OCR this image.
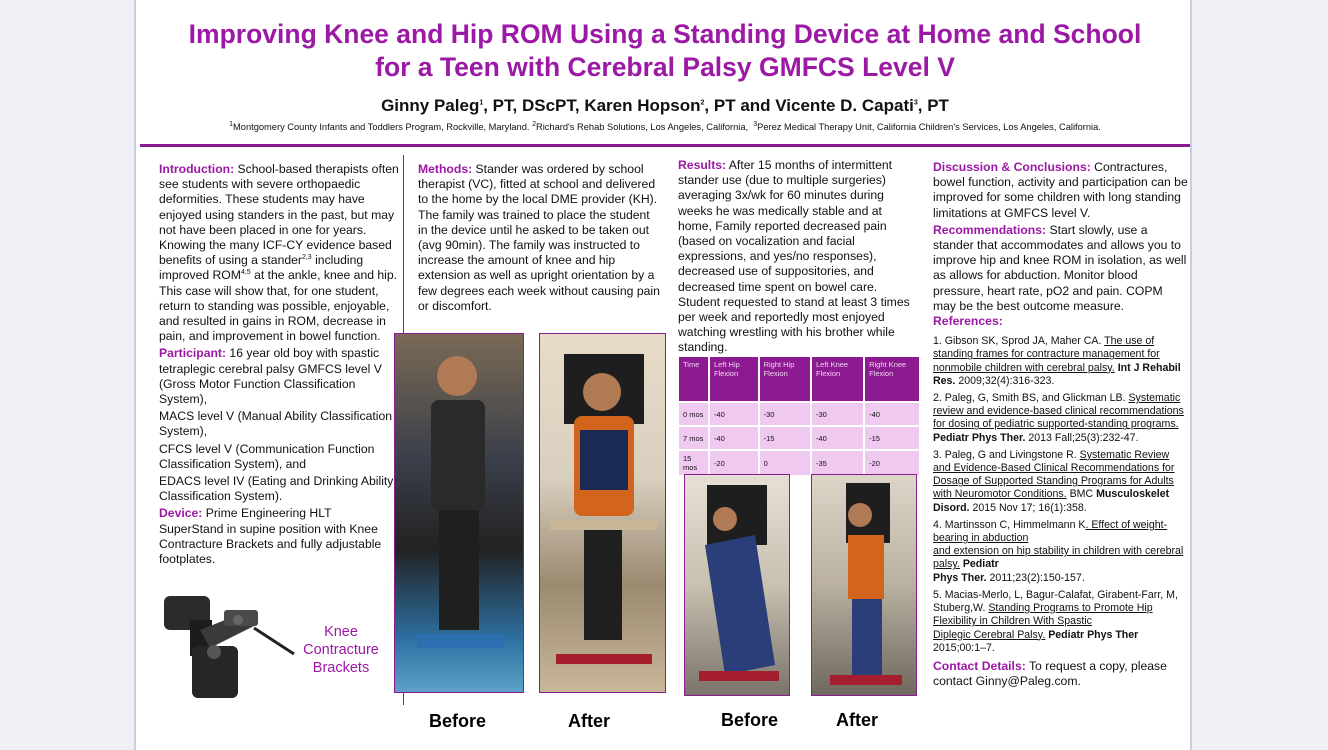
Improving Knee and Hip ROM Using a Standing Device at Home and School
for a Teen with Cerebral Palsy GMFCS Level V
Ginny Paleg$^1$, PT, DScPT, Karen Hopson$^2$, PT and Vicente D. Capati$^3$, PT
$^1$Montgomery County Infants and Toddlers Program, Rockville, Maryland. $^2$Richard's Rehab Solutions, Los Angeles, California, $^3$Perez Medical Therapy Unit, California Children's Services, Los Angeles, California.

Introduction: School-based therapists often see students with severe orthopaedic deformities. These students may have enjoyed using standers in the past, but may not have been placed in one for years. Knowing the many ICF-CY evidence based benefits of using a stander$^{2,3}$ including improved ROM$^{4,5}$ at the ankle, knee and hip. This case will show that, for one student, return to standing was possible, enjoyable, and resulted in gains in ROM, decrease in pain, and improvement in bowel function.

Participant: 16 year old boy with spastic tetraplegic cerebral palsy GMFCS level V (Gross Motor Function Classification System),

MACS level V (Manual Ability Classification System),

CFCS level V (Communication Function Classification System), and

EDACS level IV (Eating and Drinking Ability Classification System).

Device: Prime Engineering HLT SuperStand in supine position with Knee Contracture Brackets and fully adjustable footplates.

Knee
Contracture
Brackets

Methods: Stander was ordered by school therapist (VC), fitted at school and delivered to the home by the local DME provider (KH). The family was trained to place the student in the device until he asked to be taken out (avg 90min). The family was instructed to increase the amount of knee and hip extension as well as upright orientation by a few degrees each week without causing pain or discomfort.

Before	After

Results: After 15 months of intermittent stander use (due to multiple surgeries) averaging 3x/wk for 60 minutes during weeks he was medically stable and at home, Family reported decreased pain (based on vocalization and facial expressions, and yes/no responses), decreased use of suppositories, and decreased time spent on bowel care. Student requested to stand at least 3 times per week and reportedly most enjoyed watching wrestling with his brother while standing.

Time	Left Hip Flexion	Right Hip Flexion	Left Knee Flexion	Right Knee Flexion
0 mos	-40	-30	-30	-40
7 mos	-40	-15	-40	-15
15 mos	-20	0	-35	-20
Before	After

Discussion & Conclusions: Contractures, bowel function, activity and participation can be improved for some children with long standing limitations at GMFCS level V.

Recommendations: Start slowly, use a stander that accommodates and allows you to improve hip and knee ROM in isolation, as well as allows for abduction. Monitor blood pressure, heart rate, pO2 and pain. COPM may be the best outcome measure.

References:

1. Gibson SK, Sprod JA, Maher CA. The use of standing frames for contracture management for nonmobile children with cerebral palsy. Int J Rehabil Res. 2009;32(4):316-323.

2. Paleg, G, Smith BS, and Glickman LB. Systematic review and evidence-based clinical recommendations for dosing of pediatric supported-standing programs. Pediatr Phys Ther. 2013 Fall;25(3):232-47.

3. Paleg, G and Livingstone R. Systematic Review and Evidence-Based Clinical Recommendations for Dosage of Supported Standing Programs for Adults with Neuromotor Conditions. BMC Musculoskelet Disord. 2015 Nov 17; 16(1):358.

4. Martinsson C, Himmelmann K. Effect of weight-bearing in abduction
and extension on hip stability in children with cerebral palsy. Pediatr
Phys Ther. 2011;23(2):150-157.

5. Macias-Merlo, L, Bagur-Calafat, Girabent-Farr, M, Stuberg,W. Standing Programs to Promote Hip
Flexibility in Children With Spastic
Diplegic Cerebral Palsy. Pediatr Phys Ther
2015;00:1–7.

Contact Details: To request a copy, please contact Ginny@Paleg.com.
